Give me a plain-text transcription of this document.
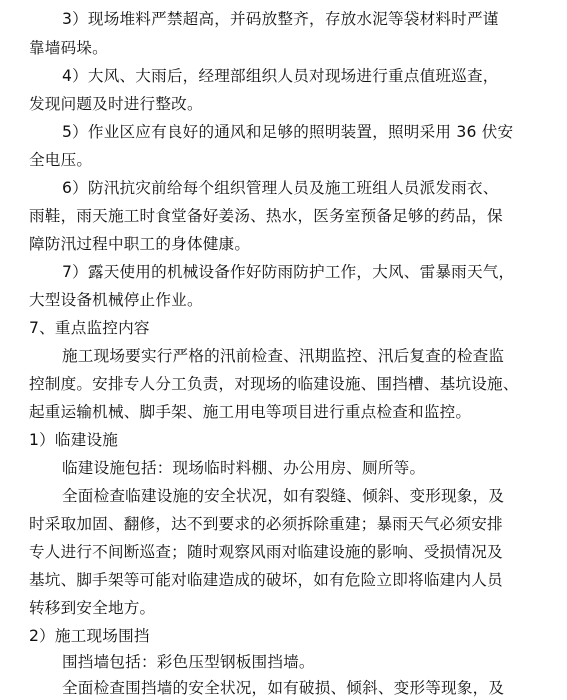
3）现场堆料严禁超高，并码放整齐，存放水泥等袋材料时严谨
靠墙码垛。
4）大风、大雨后，经理部组织人员对现场进行重点值班巡查，
发现问题及时进行整改。
5）作业区应有良好的通风和足够的照明装置，照明采用 36 伏安
全电压。
6）防汛抗灾前给每个组织管理人员及施工班组人员派发雨衣、
雨鞋，雨天施工时食堂备好姜汤、热水，医务室预备足够的药品，保
障防汛过程中职工的身体健康。
7）露天使用的机械设备作好防雨防护工作，大风、雷暴雨天气，
大型设备机械停止作业。
7、重点监控内容
施工现场要实行严格的汛前检查、汛期监控、汛后复查的检查监
控制度。安排专人分工负责，对现场的临建设施、围挡槽、基坑设施、
起重运输机械、脚手架、施工用电等项目进行重点检查和监控。
1）临建设施
临建设施包括：现场临时料棚、办公用房、厕所等。
全面检查临建设施的安全状况，如有裂缝、倾斜、变形现象，及
时采取加固、翻修，达不到要求的必须拆除重建；暴雨天气必须安排
专人进行不间断巡查；随时观察风雨对临建设施的影响、受损情况及
基坑、脚手架等可能对临建造成的破坏，如有危险立即将临建内人员
转移到安全地方。
2）施工现场围挡
围挡墙包括：彩色压型钢板围挡墙。
全面检查围挡墙的安全状况，如有破损、倾斜、变形等现象，及
